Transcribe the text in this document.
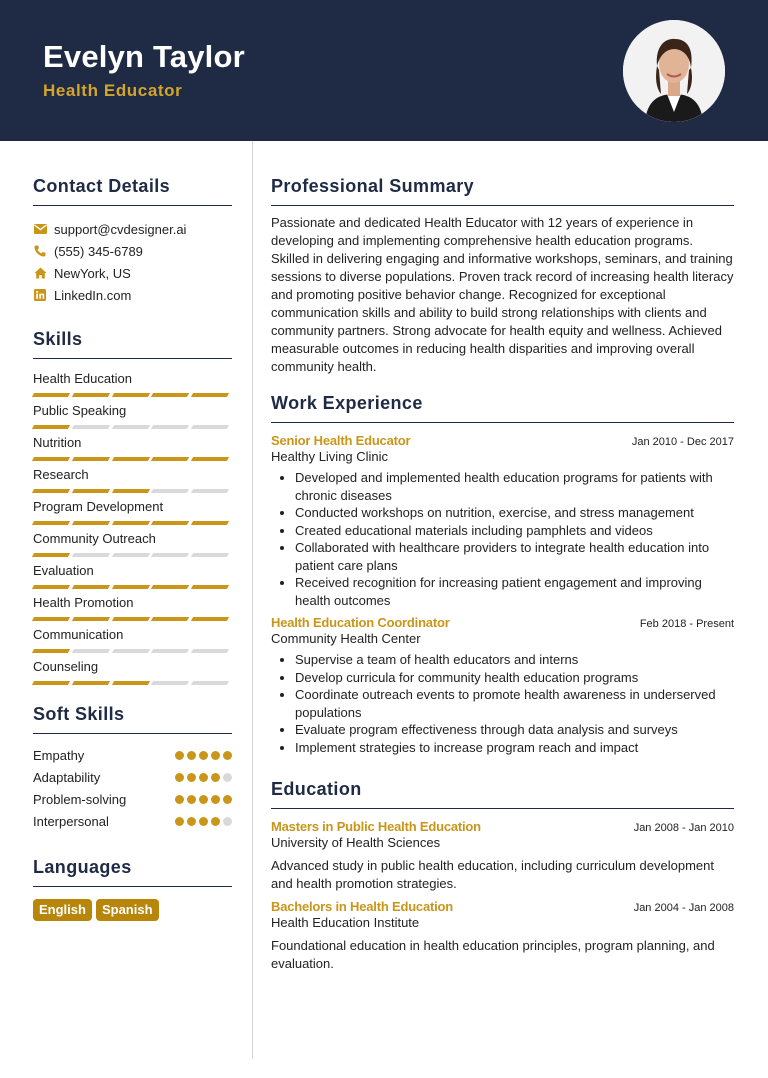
Evelyn Taylor
Health Educator
Contact Details
support@cvdesigner.ai
(555) 345-6789
NewYork, US
LinkedIn.com
Skills
Health Education
Public Speaking
Nutrition
Research
Program Development
Community Outreach
Evaluation
Health Promotion
Communication
Counseling
Soft Skills
Empathy
Adaptability
Problem-solving
Interpersonal
Languages
English Spanish
Professional Summary
Passionate and dedicated Health Educator with 12 years of experience in developing and implementing comprehensive health education programs. Skilled in delivering engaging and informative workshops, seminars, and training sessions to diverse populations. Proven track record of increasing health literacy and promoting positive behavior change. Recognized for exceptional communication skills and ability to build strong relationships with clients and community partners. Strong advocate for health equity and wellness. Achieved measurable outcomes in reducing health disparities and improving overall community health.
Work Experience
Senior Health Educator	Jan 2010 - Dec 2017
Healthy Living Clinic
• Developed and implemented health education programs for patients with chronic diseases
• Conducted workshops on nutrition, exercise, and stress management
• Created educational materials including pamphlets and videos
• Collaborated with healthcare providers to integrate health education into patient care plans
• Received recognition for increasing patient engagement and improving health outcomes
Health Education Coordinator	Feb 2018 - Present
Community Health Center
• Supervise a team of health educators and interns
• Develop curricula for community health education programs
• Coordinate outreach events to promote health awareness in underserved populations
• Evaluate program effectiveness through data analysis and surveys
• Implement strategies to increase program reach and impact
Education
Masters in Public Health Education	Jan 2008 - Jan 2010
University of Health Sciences
Advanced study in public health education, including curriculum development and health promotion strategies.
Bachelors in Health Education	Jan 2004 - Jan 2008
Health Education Institute
Foundational education in health education principles, program planning, and evaluation.
